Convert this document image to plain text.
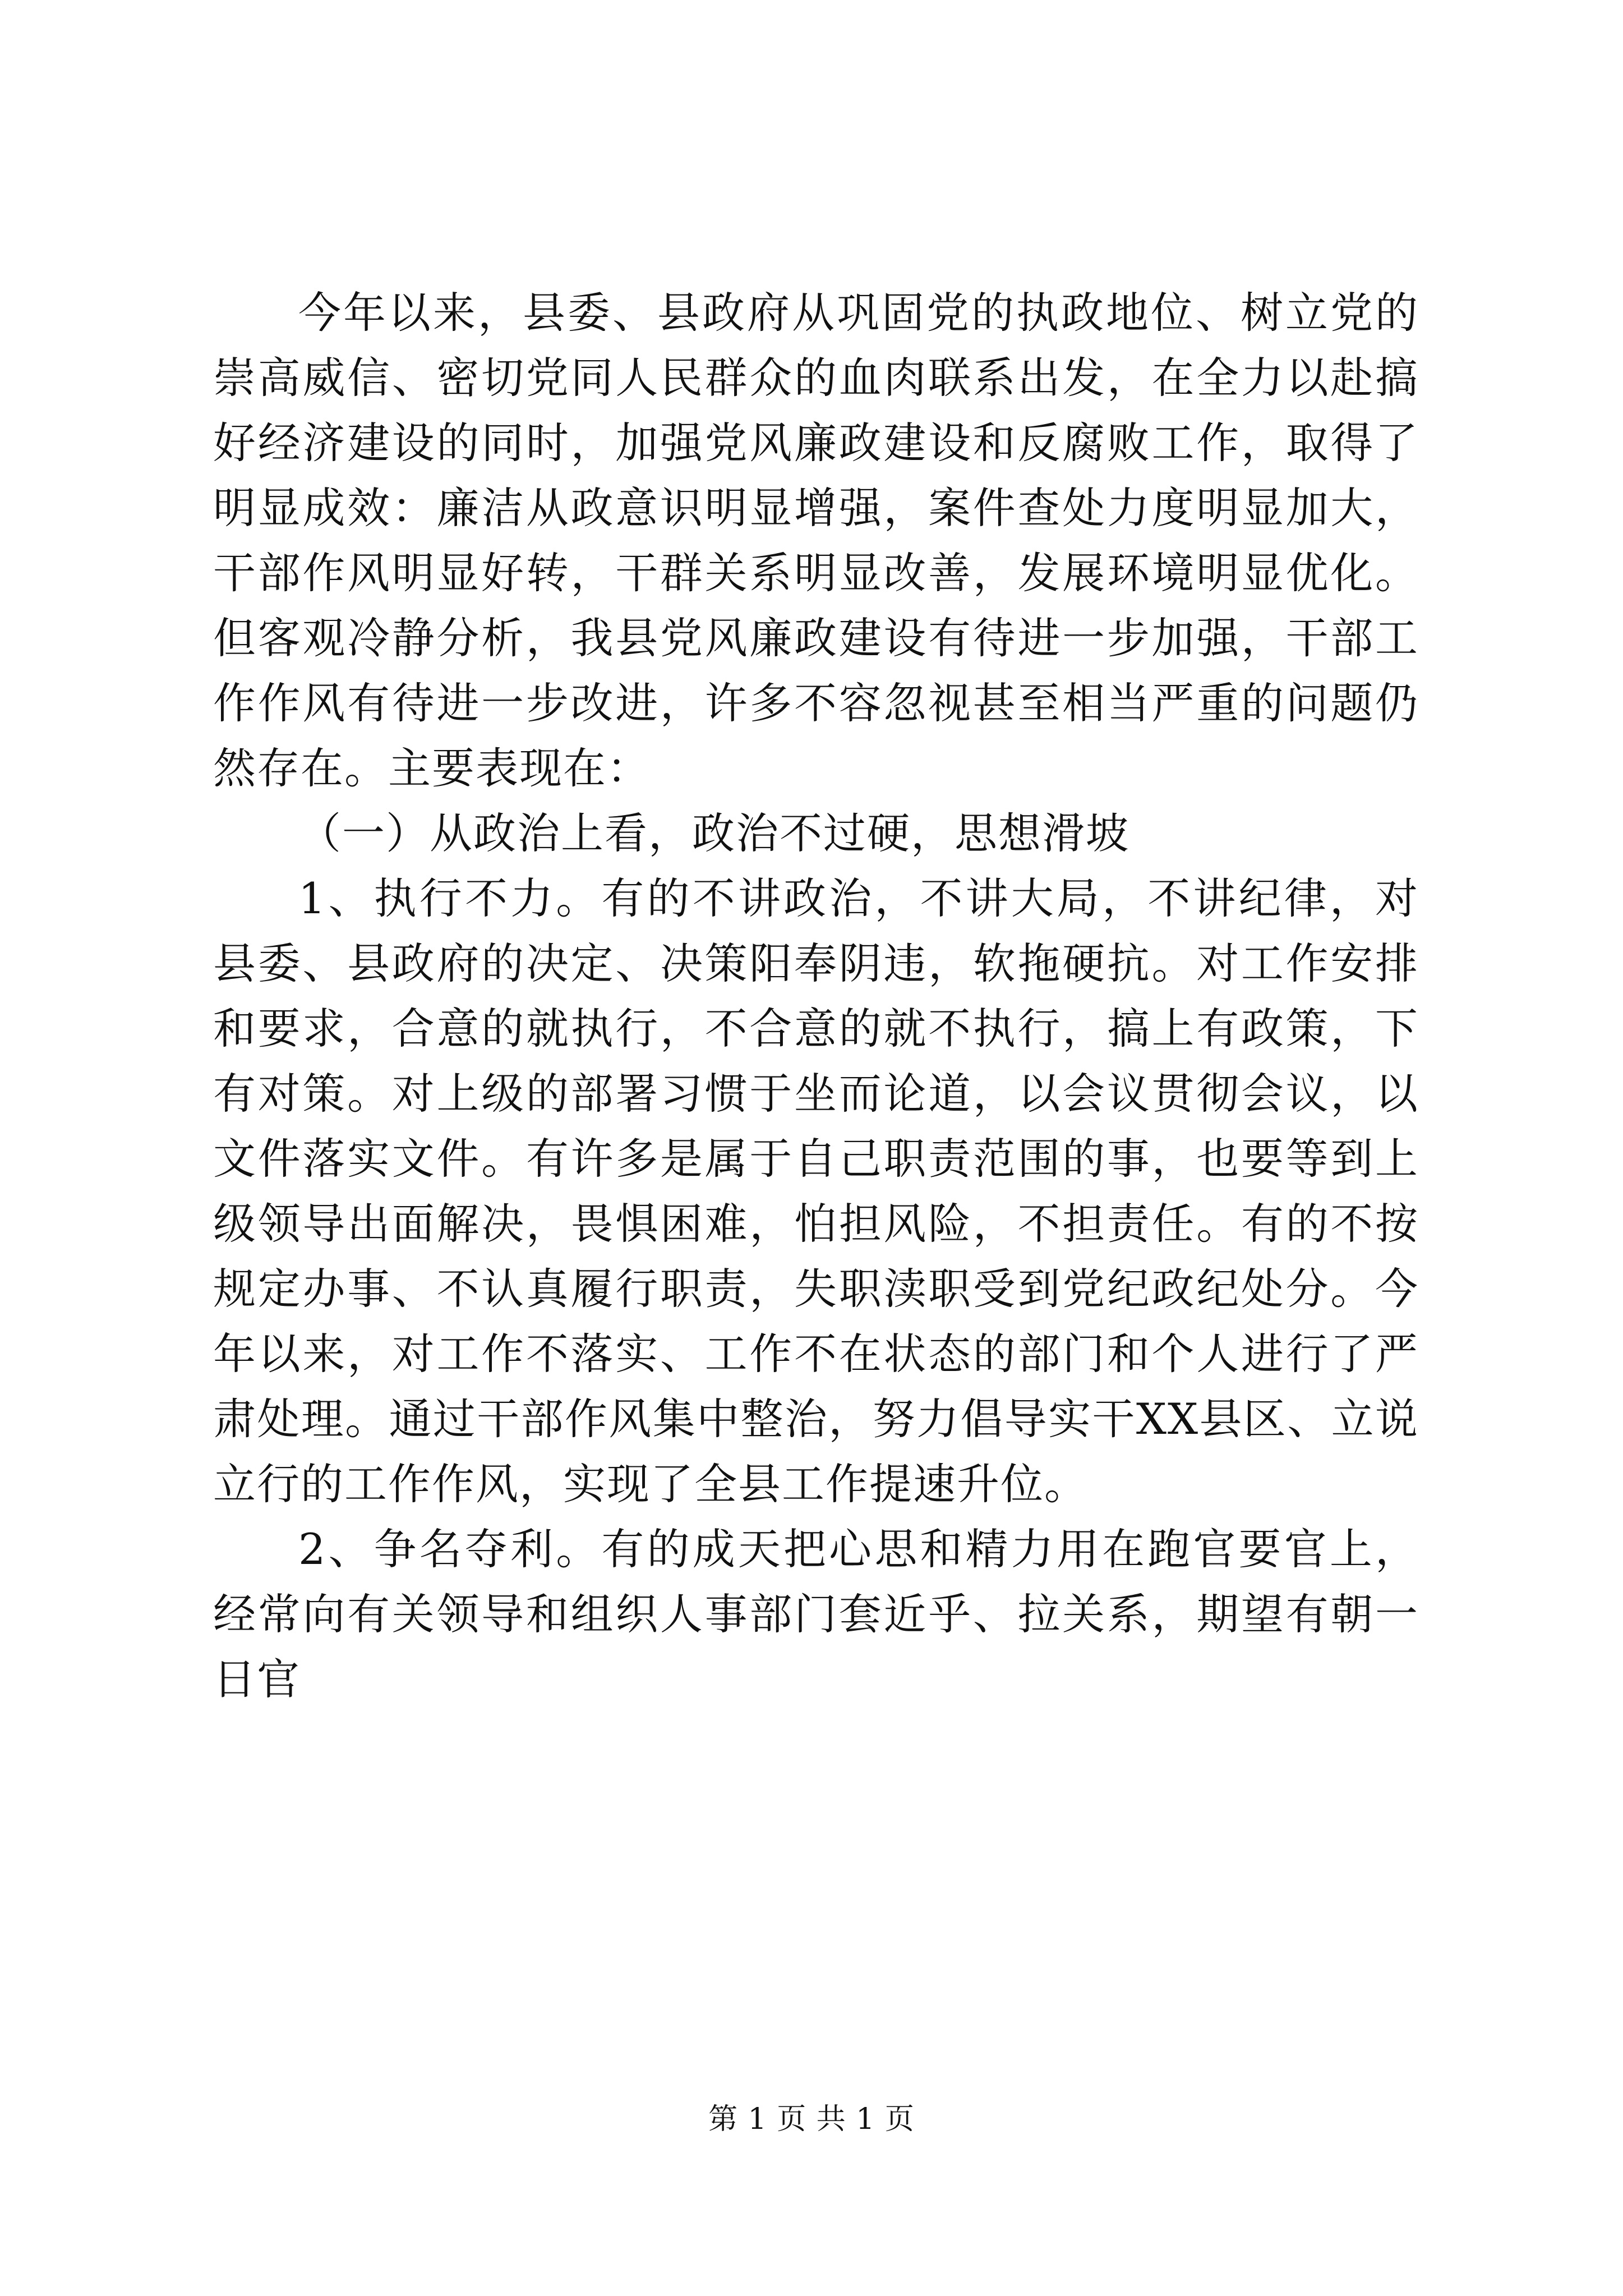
今年以来，县委、县政府从巩固党的执政地位、树立党的崇高威信、密切党同人民群众的血肉联系出发，在全力以赴搞好经济建设的同时，加强党风廉政建设和反腐败工作，取得了明显成效：廉洁从政意识明显增强，案件查处力度明显加大，干部作风明显好转，干群关系明显改善，发展环境明显优化。但客观冷静分析，我县党风廉政建设有待进一步加强，干部工作作风有待进一步改进，许多不容忽视甚至相当严重的问题仍然存在。主要表现在：

（一）从政治上看，政治不过硬，思想滑坡

1、执行不力。有的不讲政治，不讲大局，不讲纪律，对县委、县政府的决定、决策阳奉阴违，软拖硬抗。对工作安排和要求，合意的就执行，不合意的就不执行，搞上有政策，下有对策。对上级的部署习惯于坐而论道，以会议贯彻会议，以文件落实文件。有许多是属于自己职责范围的事，也要等到上级领导出面解决，畏惧困难，怕担风险，不担责任。有的不按规定办事、不认真履行职责，失职渎职受到党纪政纪处分。今年以来，对工作不落实、工作不在状态的部门和个人进行了严肃处理。通过干部作风集中整治，努力倡导实干XX县区、立说立行的工作作风，实现了全县工作提速升位。

2、争名夺利。有的成天把心思和精力用在跑官要官上，经常向有关领导和组织人事部门套近乎、拉关系，期望有朝一日官

第 1 页 共 1 页
